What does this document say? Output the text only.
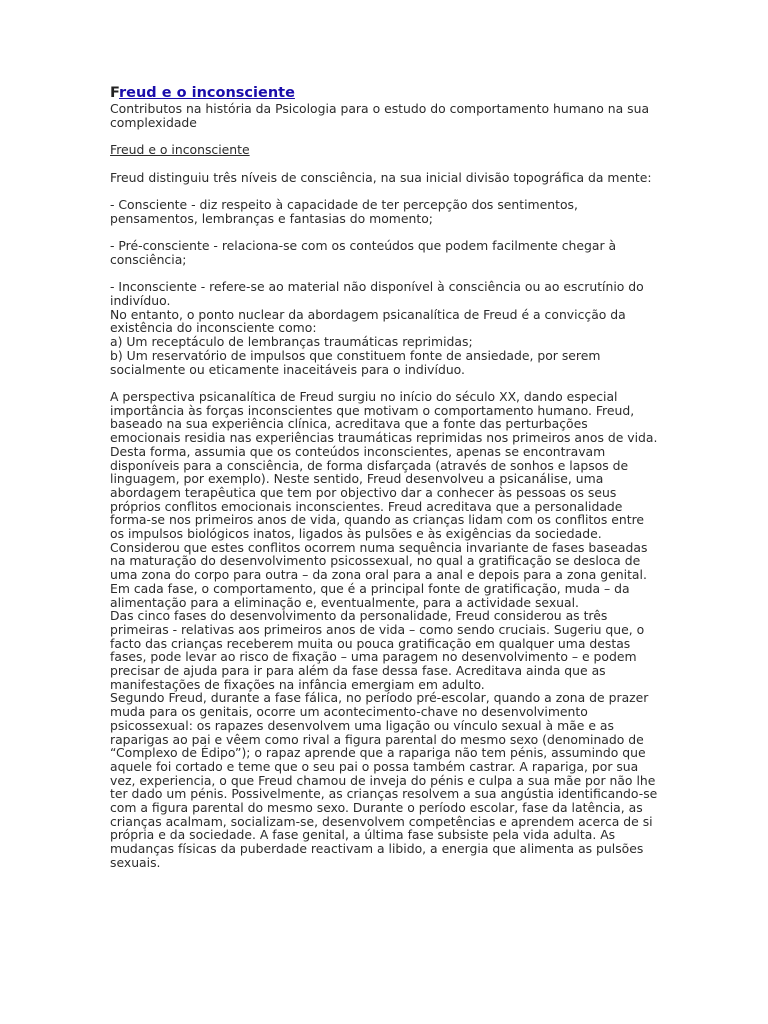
Freud e o inconsciente
Contributos na história da Psicologia para o estudo do comportamento humano na sua complexidade
Freud e o inconsciente
Freud distinguiu três níveis de consciência, na sua inicial divisão topográfica da mente:
- Consciente - diz respeito à capacidade de ter percepção dos sentimentos, pensamentos, lembranças e fantasias do momento;
- Pré-consciente - relaciona-se com os conteúdos que podem facilmente chegar à consciência;
- Inconsciente - refere-se ao material não disponível à consciência ou ao escrutínio do indivíduo.
No entanto, o ponto nuclear da abordagem psicanalítica de Freud é a convicção da existência do inconsciente como:
a) Um receptáculo de lembranças traumáticas reprimidas;
b) Um reservatório de impulsos que constituem fonte de ansiedade, por serem socialmente ou eticamente inaceitáveis para o indivíduo.
A perspectiva psicanalítica de Freud surgiu no início do século XX, dando especial importância às forças inconscientes que motivam o comportamento humano. Freud, baseado na sua experiência clínica, acreditava que a fonte das perturbações emocionais residia nas experiências traumáticas reprimidas nos primeiros anos de vida. Desta forma, assumia que os conteúdos inconscientes, apenas se encontravam disponíveis para a consciência, de forma disfarçada (através de sonhos e lapsos de linguagem, por exemplo). Neste sentido, Freud desenvolveu a psicanálise, uma abordagem terapêutica que tem por objectivo dar a conhecer às pessoas os seus próprios conflitos emocionais inconscientes. Freud acreditava que a personalidade forma-se nos primeiros anos de vida, quando as crianças lidam com os conflitos entre os impulsos biológicos inatos, ligados às pulsões e às exigências da sociedade.
Considerou que estes conflitos ocorrem numa sequência invariante de fases baseadas na maturação do desenvolvimento psicossexual, no qual a gratificação se desloca de uma zona do corpo para outra – da zona oral para a anal e depois para a zona genital. Em cada fase, o comportamento, que é a principal fonte de gratificação, muda – da alimentação para a eliminação e, eventualmente, para a actividade sexual.
Das cinco fases do desenvolvimento da personalidade, Freud considerou as três primeiras - relativas aos primeiros anos de vida – como sendo cruciais. Sugeriu que, o facto das crianças receberem muita ou pouca gratificação em qualquer uma destas fases, pode levar ao risco de fixação – uma paragem no desenvolvimento – e podem precisar de ajuda para ir para além da fase dessa fase. Acreditava ainda que as manifestações de fixações na infância emergiam em adulto.
Segundo Freud, durante a fase fálica, no período pré-escolar, quando a zona de prazer muda para os genitais, ocorre um acontecimento-chave no desenvolvimento psicossexual: os rapazes desenvolvem uma ligação ou vínculo sexual à mãe e as raparigas ao pai e vêem como rival a figura parental do mesmo sexo (denominado de “Complexo de Édipo”); o rapaz aprende que a rapariga não tem pénis, assumindo que aquele foi cortado e teme que o seu pai o possa também castrar. A rapariga, por sua vez, experiencia, o que Freud chamou de inveja do pénis e culpa a sua mãe por não lhe ter dado um pénis. Possivelmente, as crianças resolvem a sua angústia identificando-se com a figura parental do mesmo sexo. Durante o período escolar, fase da latência, as crianças acalmam, socializam-se, desenvolvem competências e aprendem acerca de si própria e da sociedade. A fase genital, a última fase subsiste pela vida adulta. As mudanças físicas da puberdade reactivam a libido, a energia que alimenta as pulsões sexuais.
